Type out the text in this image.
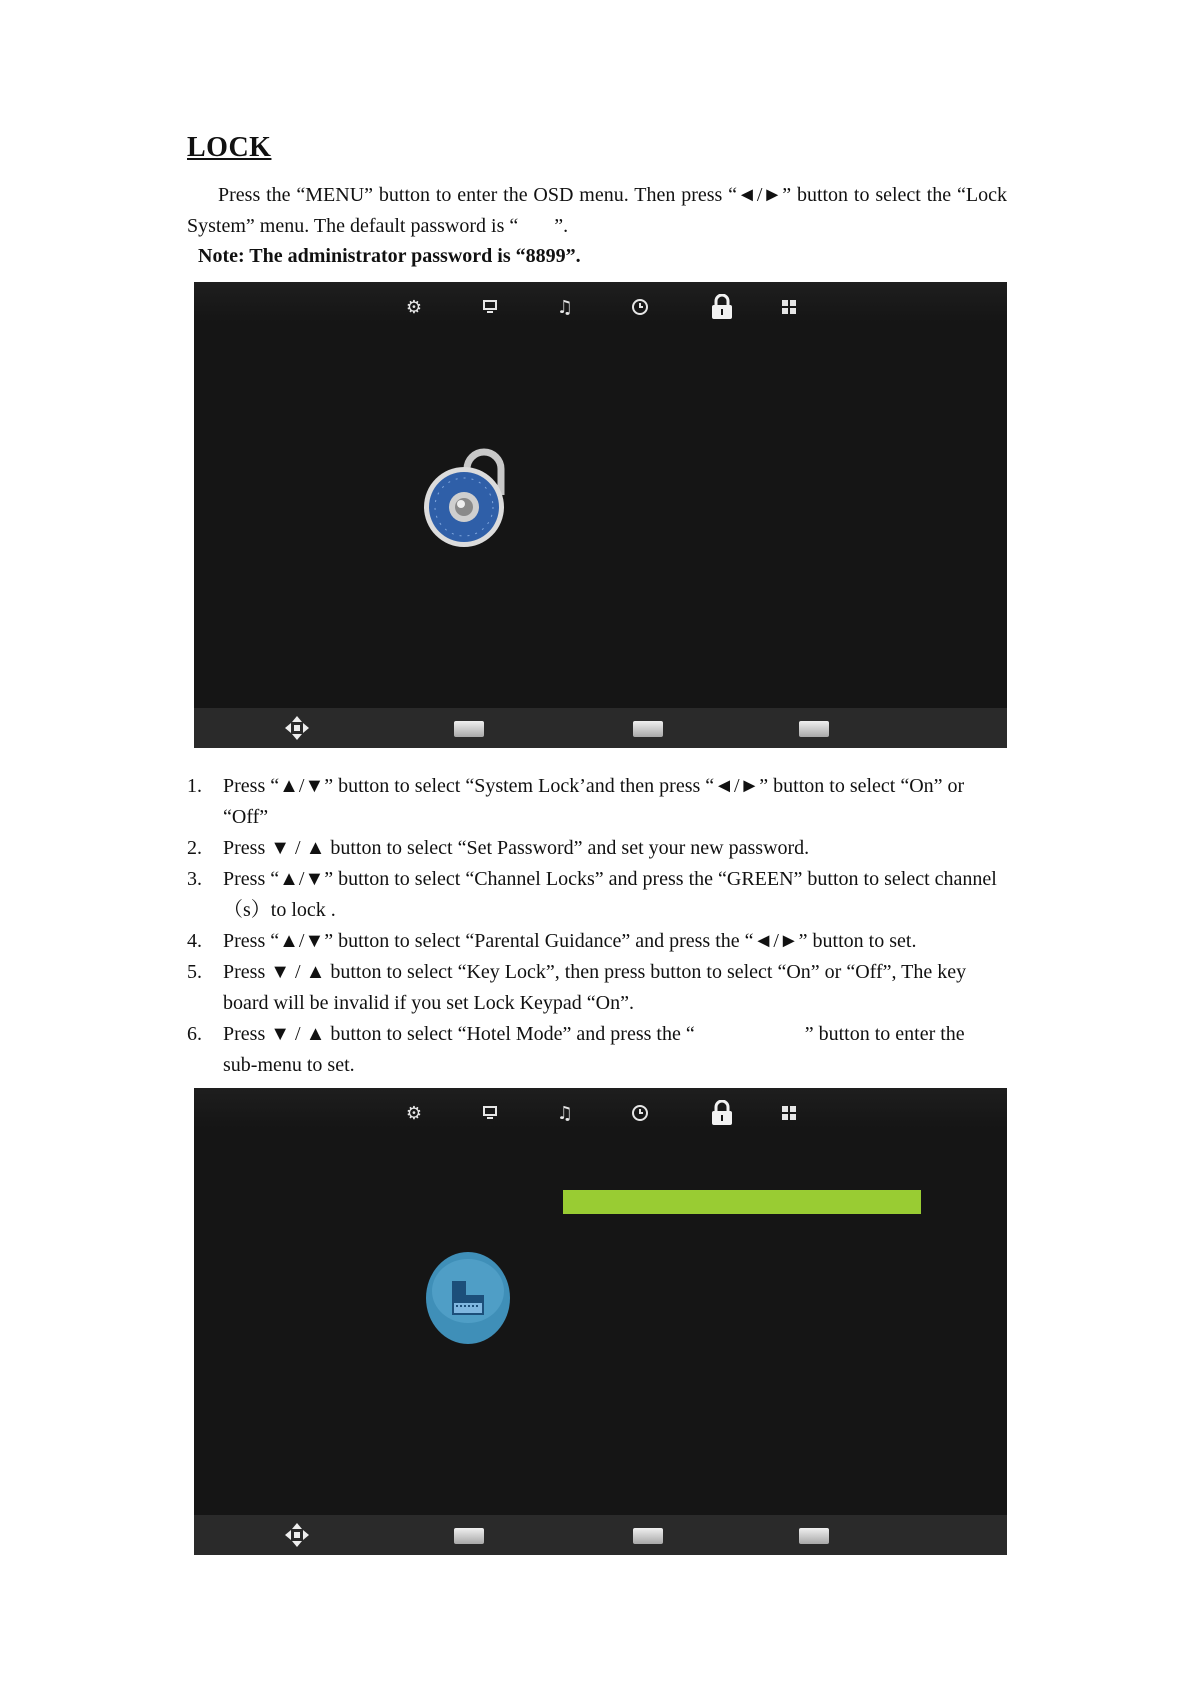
LOCK
Press the “MENU” button to enter the OSD menu. Then press “◄/►” button to select the “Lock System” menu. The default password is “ ”.
Note: The administrator password is “8899”.
⚙	♫
1. Press “▲/▼” button to select “System Lock’and then press “◄/►” button to select “On” or “Off”
2. Press ▼ / ▲ button to select “Set Password” and set your new password.
3. Press “▲/▼” button to select “Channel Locks” and press the “GREEN” button to select channel（s）to lock .
4. Press “▲/▼” button to select “Parental Guidance” and press the “◄/►” button to set.
5. Press ▼ / ▲ button to select “Key Lock”, then press button to select “On” or “Off”, The key board will be invalid if you set Lock Keypad “On”.
6. Press ▼ / ▲ button to select “Hotel Mode” and press the “	” button to enter the sub-menu to set.
⚙	♫
